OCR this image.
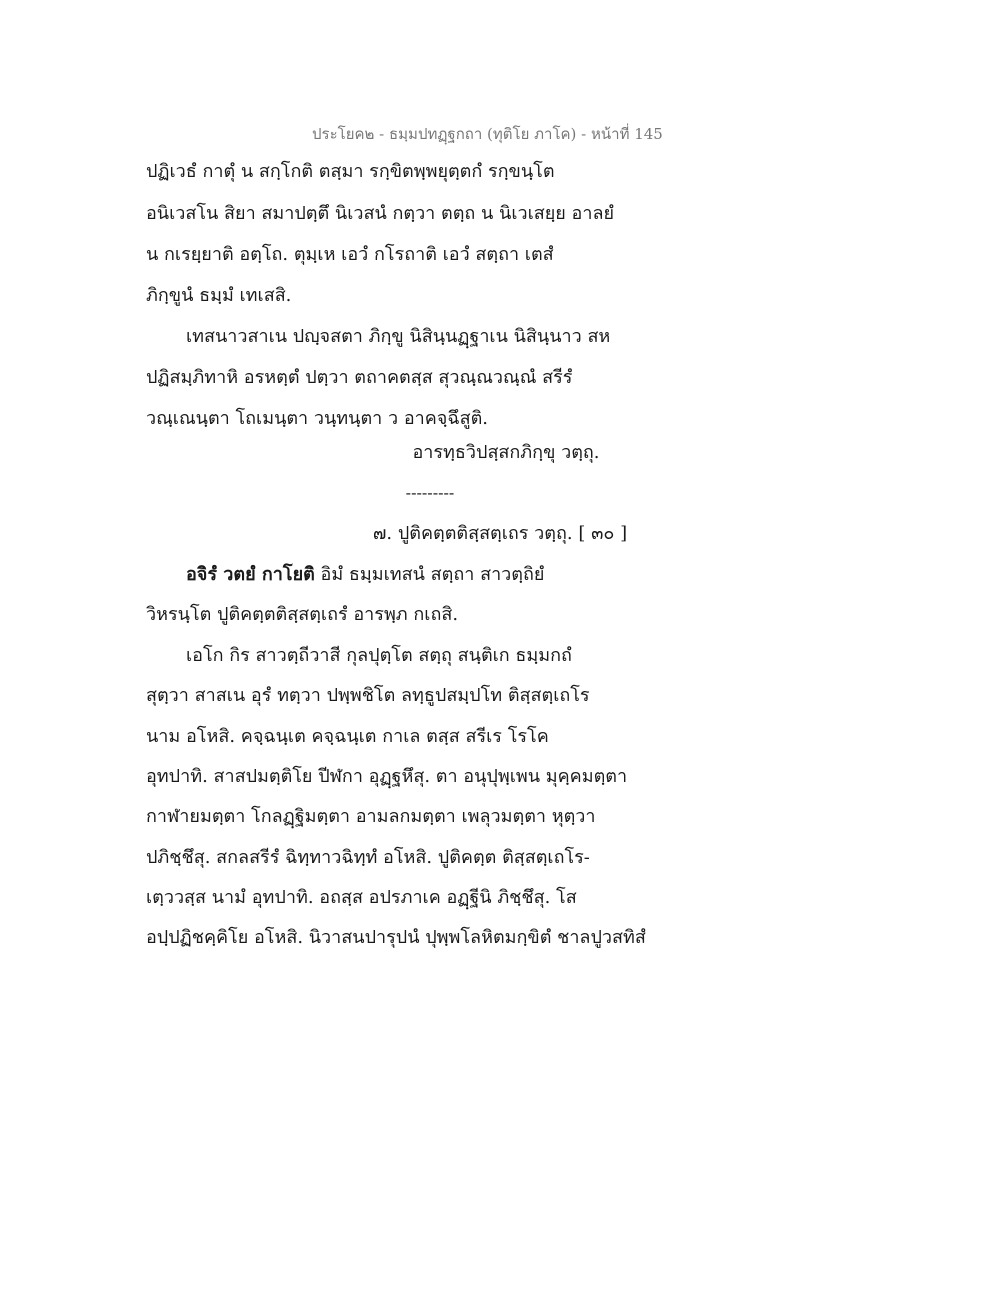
ประโยค๒ - ธมฺมปทฏฺฐกถา (ทุติโย ภาโค) - หน้าที่ 145
ปฏิเวธํ กาตุํ น สกฺโกติ ตสฺมา รกฺขิตพฺพยุตฺตกํ รกฺขนฺโต
อนิเวสโน สิยา สมาปตฺตึ นิเวสนํ กตฺวา ตตฺถ น นิเวเสยฺย อาลยํ
น กเรยฺยาติ อตฺโถ. ตุมฺเห เอวํ กโรถาติ เอวํ สตฺถา เตสํ
ภิกฺขูนํ ธมฺมํ เทเสสิ.
เทสนาวสาเน ปญฺจสตา ภิกฺขู นิสินฺนฏฺฐาเน นิสินฺนาว สห
ปฏิสมฺภิทาหิ อรหตฺตํ ปตฺวา ตถาคตสฺส สุวณฺณวณฺณํ สรีรํ
วณฺเณนฺตา โถเมนฺตา วนฺทนฺตา ว อาคจฺฉึสูติ.
อารทฺธวิปสฺสกภิกฺขุ วตฺถุ.
---------
๗. ปูติคตฺตติสฺสตฺเถร วตฺถุ. [ ๓๐ ]
อจิรํ วตยํ กาโยติ อิมํ ธมฺมเทสนํ สตฺถา สาวตฺถิยํ
วิหรนฺโต ปูติคตฺตติสฺสตฺเถรํ อารพฺภ กเถสิ.
เอโก กิร สาวตฺถีวาสี กุลปุตฺโต สตฺถุ สนฺติเก ธมฺมกถํ
สุตฺวา สาสเน อุรํ ทตฺวา ปพฺพชิโต ลทฺธูปสมฺปโท ติสฺสตฺเถโร
นาม อโหสิ. คจฺฉนฺเต คจฺฉนฺเต กาเล ตสฺส สรีเร โรโค
อุทปาทิ. สาสปมตฺติโย ปีฬกา อุฏฺฐหึสุ. ตา อนุปุพฺเพน มุคฺคมตฺตา
กาฬายมตฺตา โกลฏฺฐิมตฺตา อามลกมตฺตา เพลุวมตฺตา หุตฺวา
ปภิชฺชึสุ. สกลสรีรํ ฉิทฺทาวฉิทฺทํ อโหสิ. ปูติคตฺต ติสฺสตฺเถโร-
เตฺววสฺส นามํ อุทปาทิ. อถสฺส อปรภาเค อฏฺฐีนิ ภิชฺชึสุ. โส
อปฺปฏิชคฺคิโย อโหสิ. นิวาสนปารุปนํ ปุพฺพโลหิตมกฺขิตํ ชาลปูวสทิสํ
